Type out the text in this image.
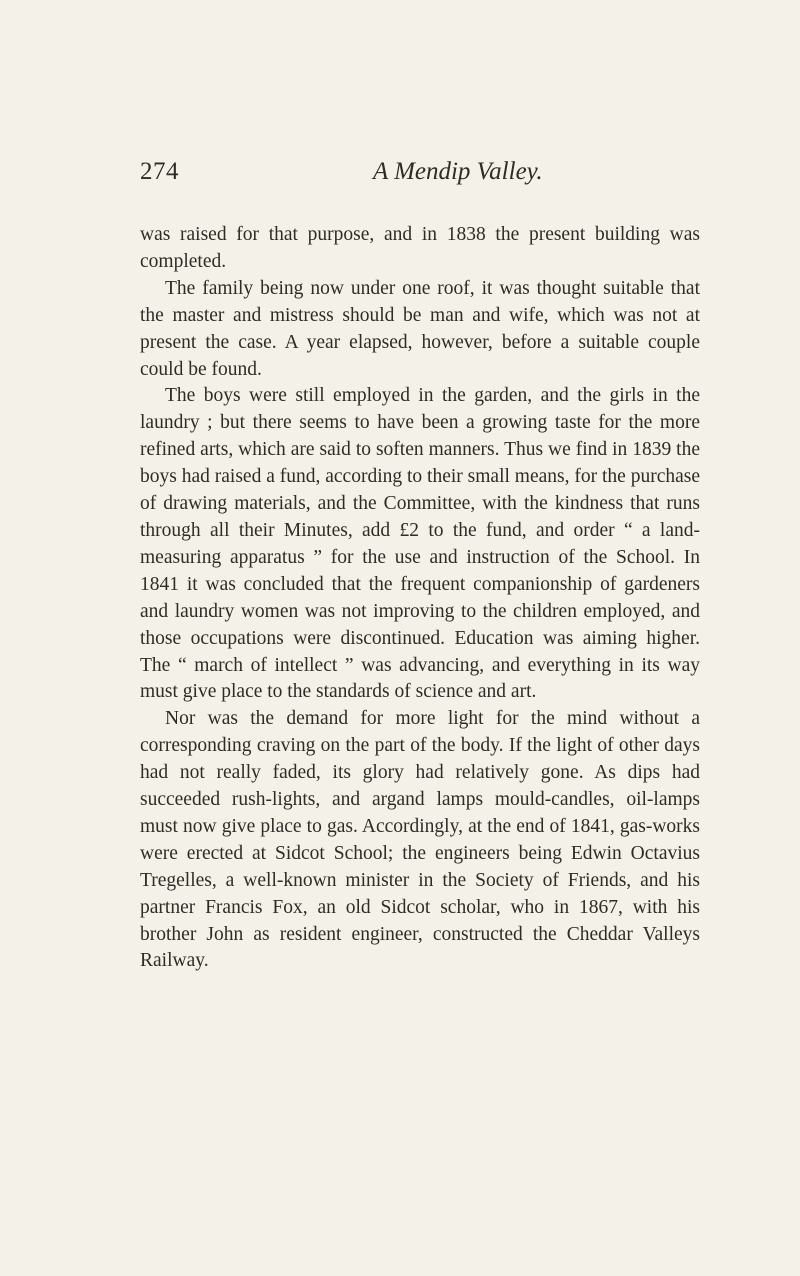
274	A Mendip Valley.

was raised for that purpose, and in 1838 the present building was completed.

The family being now under one roof, it was thought suitable that the master and mistress should be man and wife, which was not at present the case. A year elapsed, however, before a suitable couple could be found.

The boys were still employed in the garden, and the girls in the laundry ; but there seems to have been a growing taste for the more refined arts, which are said to soften manners. Thus we find in 1839 the boys had raised a fund, according to their small means, for the purchase of drawing materials, and the Committee, with the kindness that runs through all their Minutes, add £2 to the fund, and order “ a land-measuring apparatus ” for the use and instruction of the School. In 1841 it was concluded that the frequent companionship of gardeners and laundry women was not improving to the children employed, and those occupations were discontinued. Education was aiming higher. The “ march of intellect ” was advancing, and everything in its way must give place to the standards of science and art.

Nor was the demand for more light for the mind without a corresponding craving on the part of the body. If the light of other days had not really faded, its glory had relatively gone. As dips had succeeded rush-lights, and argand lamps mould-candles, oil-lamps must now give place to gas. Accordingly, at the end of 1841, gas-works were erected at Sidcot School; the engineers being Edwin Octavius Tregelles, a well-known minister in the Society of Friends, and his partner Francis Fox, an old Sidcot scholar, who in 1867, with his brother John as resident engineer, constructed the Cheddar Valleys Railway.
